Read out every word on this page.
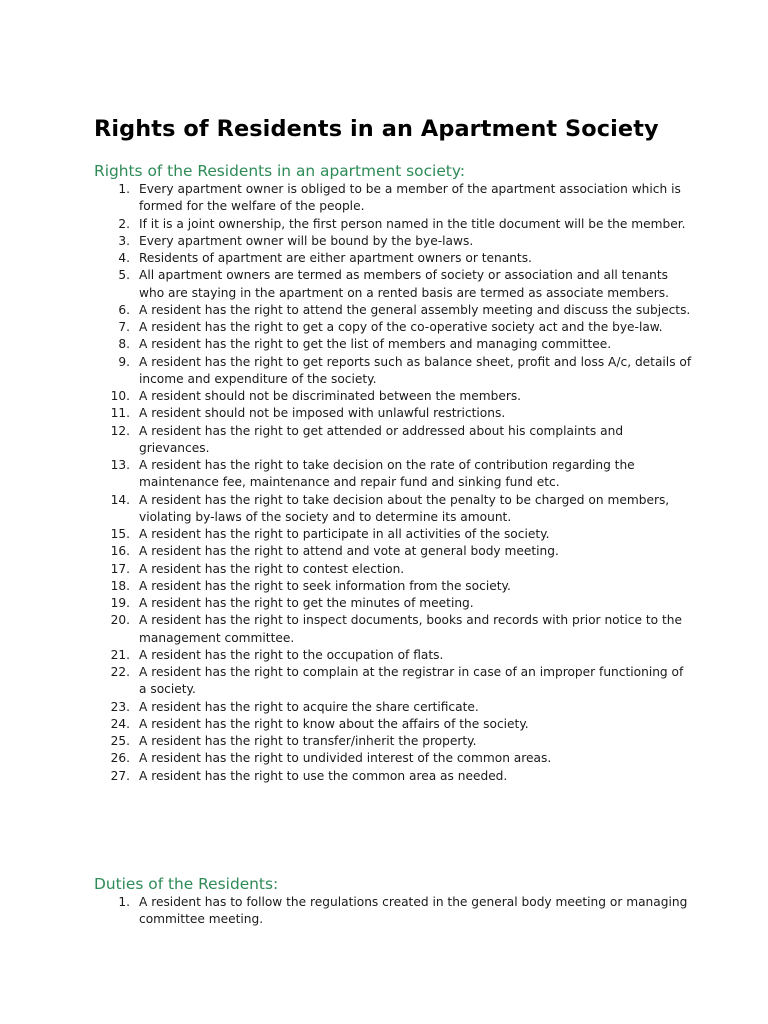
Rights of Residents in an Apartment Society
Rights of the Residents in an apartment society:
1. Every apartment owner is obliged to be a member of the apartment association which is formed for the welfare of the people.
2. If it is a joint ownership, the first person named in the title document will be the member.
3. Every apartment owner will be bound by the bye-laws.
4. Residents of apartment are either apartment owners or tenants.
5. All apartment owners are termed as members of society or association and all tenants who are staying in the apartment on a rented basis are termed as associate members.
6. A resident has the right to attend the general assembly meeting and discuss the subjects.
7. A resident has the right to get a copy of the co-operative society act and the bye-law.
8. A resident has the right to get the list of members and managing committee.
9. A resident has the right to get reports such as balance sheet, profit and loss A/c, details of income and expenditure of the society.
10. A resident should not be discriminated between the members.
11. A resident should not be imposed with unlawful restrictions.
12. A resident has the right to get attended or addressed about his complaints and grievances.
13. A resident has the right to take decision on the rate of contribution regarding the maintenance fee, maintenance and repair fund and sinking fund etc.
14. A resident has the right to take decision about the penalty to be charged on members, violating by-laws of the society and to determine its amount.
15. A resident has the right to participate in all activities of the society.
16. A resident has the right to attend and vote at general body meeting.
17. A resident has the right to contest election.
18. A resident has the right to seek information from the society.
19. A resident has the right to get the minutes of meeting.
20. A resident has the right to inspect documents, books and records with prior notice to the management committee.
21. A resident has the right to the occupation of flats.
22. A resident has the right to complain at the registrar in case of an improper functioning of a society.
23. A resident has the right to acquire the share certificate.
24. A resident has the right to know about the affairs of the society.
25. A resident has the right to transfer/inherit the property.
26. A resident has the right to undivided interest of the common areas.
27. A resident has the right to use the common area as needed.
Duties of the Residents:
1. A resident has to follow the regulations created in the general body meeting or managing committee meeting.
